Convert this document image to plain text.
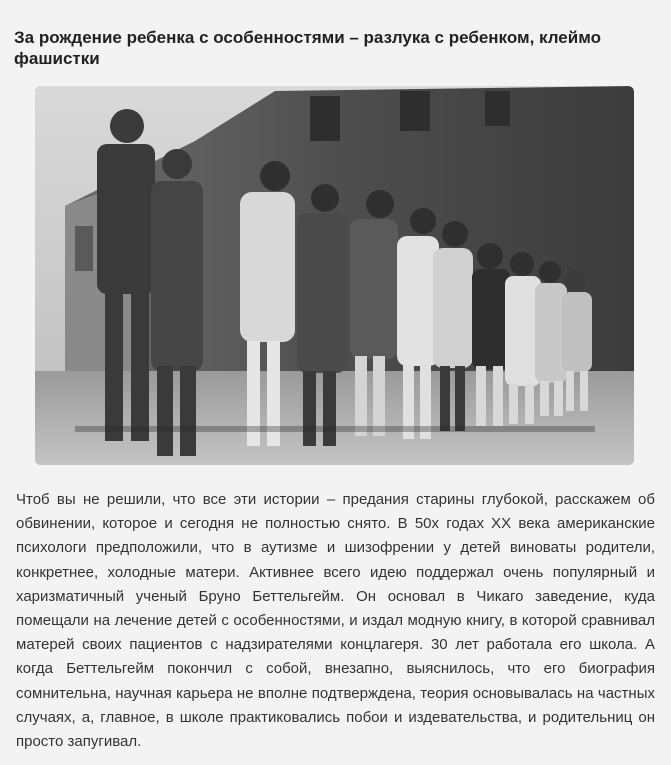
За рождение ребенка с особенностями – разлука с ребенком, клеймо фашистки

Чтоб вы не решили, что все эти истории – предания старины глубокой, расскажем об обвинении, которое и сегодня не полностью снято. В 50х годах XX века американские психологи предположили, что в аутизме и шизофрении у детей виноваты родители, конкретнее, холодные матери. Активнее всего идею поддержал очень популярный и харизматичный ученый Бруно Беттельгейм. Он основал в Чикаго заведение, куда помещали на лечение детей с особенностями, и издал модную книгу, в которой сравнивал матерей своих пациентов с надзирателями концлагеря. 30 лет работала его школа. А когда Беттельгейм покончил с собой, внезапно, выяснилось, что его биография сомнительна, научная карьера не вполне подтверждена, теория основывалась на частных случаях, а, главное, в школе практиковались побои и издевательства, и родительниц он просто запугивал.
